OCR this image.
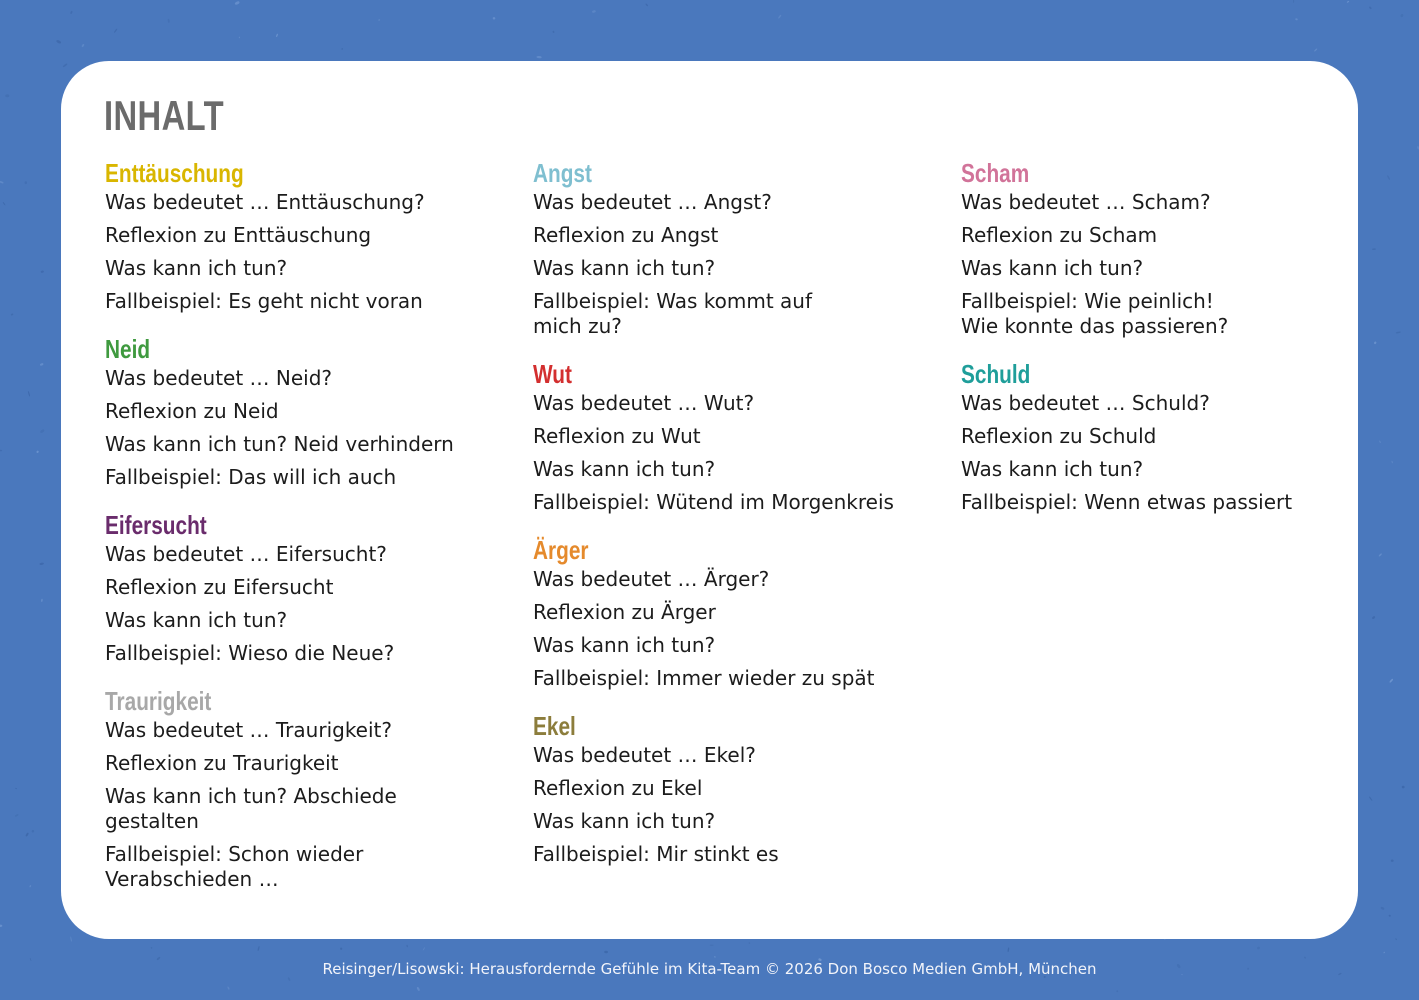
INHALT
Enttäuschung
Was bedeutet … Enttäuschung?
Reflexion zu Enttäuschung
Was kann ich tun?
Fallbeispiel: Es geht nicht voran
Neid
Was bedeutet … Neid?
Reflexion zu Neid
Was kann ich tun? Neid verhindern
Fallbeispiel: Das will ich auch
Eifersucht
Was bedeutet … Eifersucht?
Reflexion zu Eifersucht
Was kann ich tun?
Fallbeispiel: Wieso die Neue?
Traurigkeit
Was bedeutet … Traurigkeit?
Reflexion zu Traurigkeit
Was kann ich tun? Abschiede
gestalten
Fallbeispiel: Schon wieder
Verabschieden …
Angst
Was bedeutet … Angst?
Reflexion zu Angst
Was kann ich tun?
Fallbeispiel: Was kommt auf
mich zu?
Wut
Was bedeutet … Wut?
Reflexion zu Wut
Was kann ich tun?
Fallbeispiel: Wütend im Morgenkreis
Ärger
Was bedeutet … Ärger?
Reflexion zu Ärger
Was kann ich tun?
Fallbeispiel: Immer wieder zu spät
Ekel
Was bedeutet … Ekel?
Reflexion zu Ekel
Was kann ich tun?
Fallbeispiel: Mir stinkt es
Scham
Was bedeutet … Scham?
Reflexion zu Scham
Was kann ich tun?
Fallbeispiel: Wie peinlich!
Wie konnte das passieren?
Schuld
Was bedeutet … Schuld?
Reflexion zu Schuld
Was kann ich tun?
Fallbeispiel: Wenn etwas passiert
Reisinger/Lisowski: Herausfordernde Gefühle im Kita-Team © 2026 Don Bosco Medien GmbH, München
